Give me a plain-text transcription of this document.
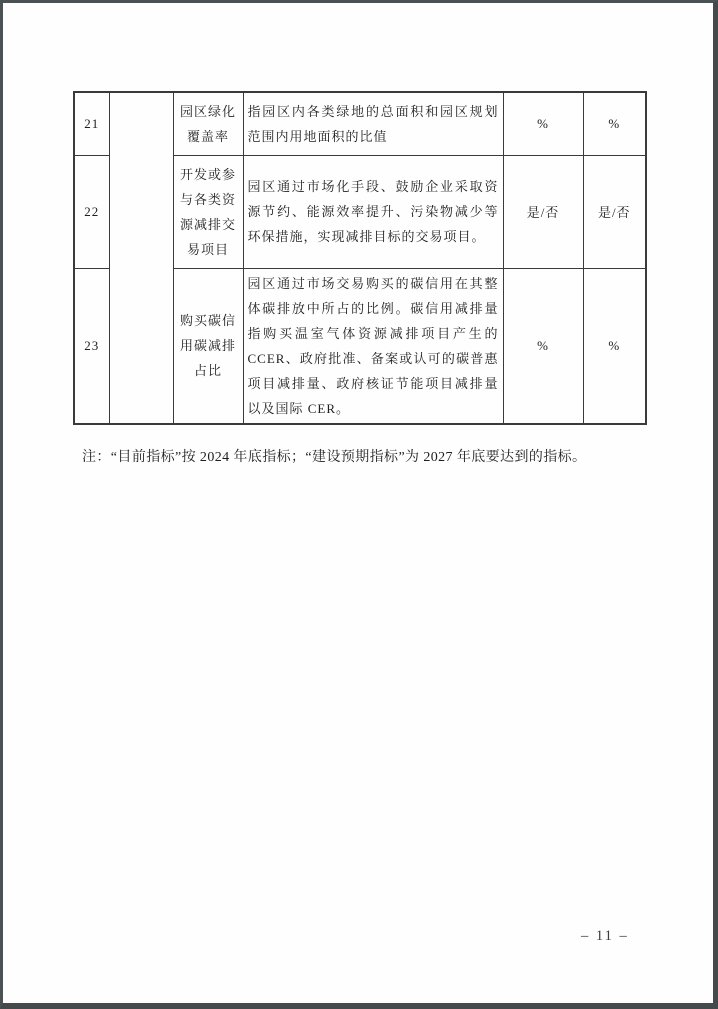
21		园区绿化覆盖率	指园区内各类绿地的总面积和园区规划范围内用地面积的比值	%	%
22		开发或参与各类资源减排交易项目	园区通过市场化手段、鼓励企业采取资源节约、能源效率提升、污染物减少等环保措施，实现减排目标的交易项目。	是/否	是/否
23		购买碳信用碳减排占比	园区通过市场交易购买的碳信用在其整体碳排放中所占的比例。碳信用减排量指购买温室气体资源减排项目产生的CCER、政府批准、备案或认可的碳普惠项目减排量、政府核证节能项目减排量以及国际 CER。	%	%
注：“目前指标”按 2024 年底指标；“建设预期指标”为 2027 年底要达到的指标。
– 11 –
